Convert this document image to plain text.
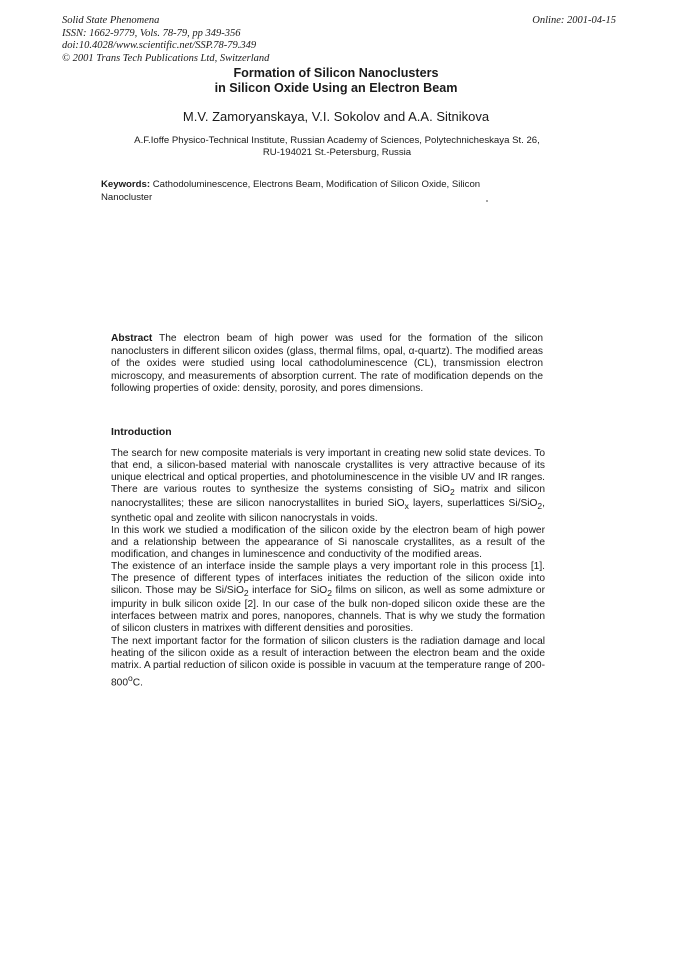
Solid State Phenomena
ISSN: 1662-9779, Vols. 78-79, pp 349-356
doi:10.4028/www.scientific.net/SSP.78-79.349
© 2001 Trans Tech Publications Ltd, Switzerland
Online: 2001-04-15
Formation of Silicon Nanoclusters
in Silicon Oxide Using an Electron Beam
M.V. Zamoryanskaya, V.I. Sokolov and A.A. Sitnikova
A.F.Ioffe Physico-Technical Institute, Russian Academy of Sciences, Polytechnicheskaya St. 26,
RU-194021 St.-Petersburg, Russia
Keywords: Cathodoluminescence, Electrons Beam, Modification of Silicon Oxide, Silicon Nanocluster
Abstract The electron beam of high power was used for the formation of the silicon nanoclusters in different silicon oxides (glass, thermal films, opal, α-quartz). The modified areas of the oxides were studied using local cathodoluminescence (CL), transmission electron microscopy, and measurements of absorption current. The rate of modification depends on the following properties of oxide: density, porosity, and pores dimensions.
Introduction

The search for new composite materials is very important in creating new solid state devices. To that end, a silicon-based material with nanoscale crystallites is very attractive because of its unique electrical and optical properties, and photoluminescence in the visible UV and IR ranges. There are various routes to synthesize the systems consisting of SiO$_2$ matrix and silicon nanocrystallites; these are silicon nanocrystallites in buried SiO$_x$ layers, superlattices Si/SiO$_2$, synthetic opal and zeolite with silicon nanocrystals in voids.

In this work we studied a modification of the silicon oxide by the electron beam of high power and a relationship between the appearance of Si nanoscale crystallites, as a result of the modification, and changes in luminescence and conductivity of the modified areas.

The existence of an interface inside the sample plays a very important role in this process [1]. The presence of different types of interfaces initiates the reduction of the silicon oxide into silicon. Those may be Si/SiO$_2$ interface for SiO$_2$ films on silicon, as well as some admixture or impurity in bulk silicon oxide [2]. In our case of the bulk non-doped silicon oxide these are the interfaces between matrix and pores, nanopores, channels. That is why we study the formation of silicon clusters in matrixes with different densities and porosities.

The next important factor for the formation of silicon clusters is the radiation damage and local heating of the silicon oxide as a result of interaction between the electron beam and the oxide matrix. A partial reduction of silicon oxide is possible in vacuum at the temperature range of 200-800$^o$C.
